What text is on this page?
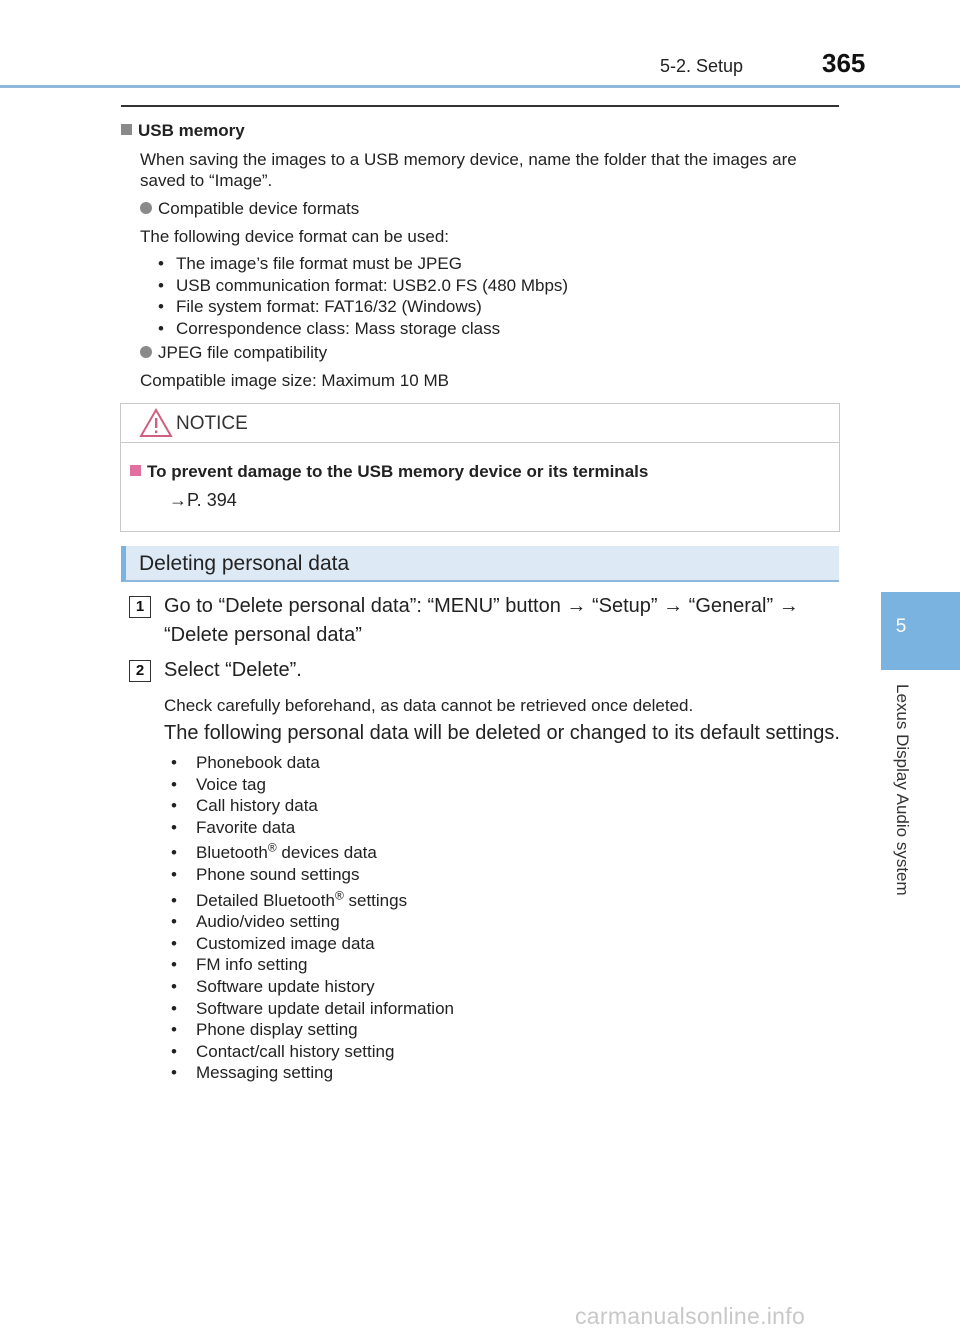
5-2. Setup	365
5
Lexus Display Audio system
USB memory
When saving the images to a USB memory device, name the folder that the images are
saved to “Image”.
Compatible device formats
The following device format can be used:
• The image’s file format must be JPEG
• USB communication format: USB2.0 FS (480 Mbps)
• File system format: FAT16/32 (Windows)
• Correspondence class: Mass storage class
JPEG file compatibility
Compatible image size: Maximum 10 MB
NOTICE
To prevent damage to the USB memory device or its terminals
→P. 394
Deleting personal data
1 Go to “Delete personal data”: “MENU” button → “Setup” → “General” →
“Delete personal data”
2 Select “Delete”.
Check carefully beforehand, as data cannot be retrieved once deleted.
The following personal data will be deleted or changed to its default settings.
• Phonebook data
• Voice tag
• Call history data
• Favorite data
• Bluetooth® devices data
• Phone sound settings
• Detailed Bluetooth® settings
• Audio/video setting
• Customized image data
• FM info setting
• Software update history
• Software update detail information
• Phone display setting
• Contact/call history setting
• Messaging setting
carmanualsonline.info
